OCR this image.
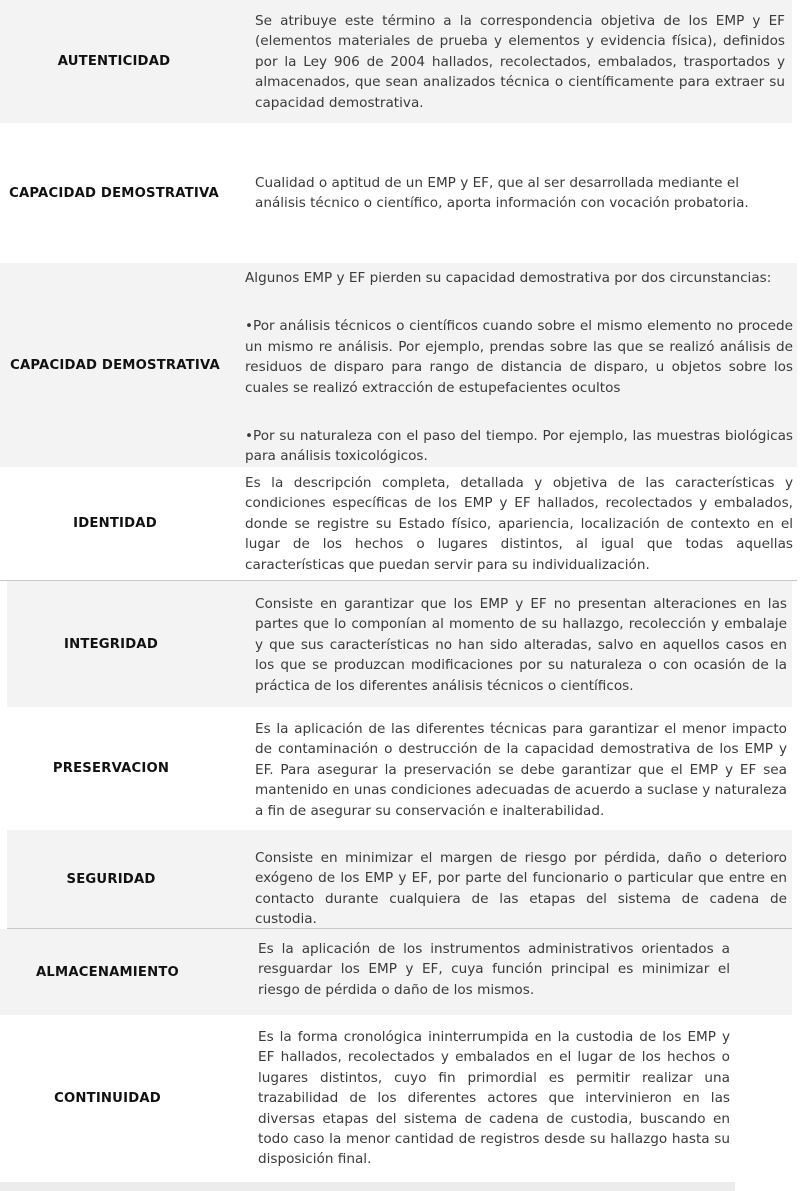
AUTENTICIDAD
Se atribuye este término a la correspondencia objetiva de los EMP y EF (elementos materiales de prueba y elementos y evidencia física), definidos por la Ley 906 de 2004 hallados, recolectados, embalados, trasportados y almacenados, que sean analizados técnica o científicamente para extraer su capacidad demostrativa.
CAPACIDAD DEMOSTRATIVA
Cualidad o aptitud de un EMP y EF, que al ser desarrollada mediante el análisis técnico o científico, aporta información con vocación probatoria.
CAPACIDAD DEMOSTRATIVA

Algunos EMP y EF pierden su capacidad demostrativa por dos circunstancias:

•Por análisis técnicos o científicos cuando sobre el mismo elemento no procede un mismo re análisis. Por ejemplo, prendas sobre las que se realizó análisis de residuos de disparo para rango de distancia de disparo, u objetos sobre los cuales se realizó extracción de estupefacientes ocultos

•Por su naturaleza con el paso del tiempo. Por ejemplo, las muestras biológicas para análisis toxicológicos.

IDENTIDAD
Es la descripción completa, detallada y objetiva de las características y condiciones específicas de los EMP y EF hallados, recolectados y embalados, donde se registre su Estado físico, apariencia, localización de contexto en el lugar de los hechos o lugares distintos, al igual que todas aquellas características que puedan servir para su individualización.
INTEGRIDAD
Consiste en garantizar que los EMP y EF no presentan alteraciones en las partes que lo componían al momento de su hallazgo, recolección y embalaje y que sus características no han sido alteradas, salvo en aquellos casos en los que se produzcan modificaciones por su naturaleza o con ocasión de la práctica de los diferentes análisis técnicos o científicos.
PRESERVACION
Es la aplicación de las diferentes técnicas para garantizar el menor impacto de contaminación o destrucción de la capacidad demostrativa de los EMP y EF. Para asegurar la preservación se debe garantizar que el EMP y EF sea mantenido en unas condiciones adecuadas de acuerdo a suclase y naturaleza a fin de asegurar su conservación e inalterabilidad.
SEGURIDAD
Consiste en minimizar el margen de riesgo por pérdida, daño o deterioro exógeno de los EMP y EF, por parte del funcionario o particular que entre en contacto durante cualquiera de las etapas del sistema de cadena de custodia.
ALMACENAMIENTO
Es la aplicación de los instrumentos administrativos orientados a resguardar los EMP y EF, cuya función principal es minimizar el riesgo de pérdida o daño de los mismos.
CONTINUIDAD
Es la forma cronológica ininterrumpida en la custodia de los EMP y EF hallados, recolectados y embalados en el lugar de los hechos o lugares distintos, cuyo fin primordial es permitir realizar una trazabilidad de los diferentes actores que intervinieron en las diversas etapas del sistema de cadena de custodia, buscando en todo caso la menor cantidad de registros desde su hallazgo hasta su disposición final.
